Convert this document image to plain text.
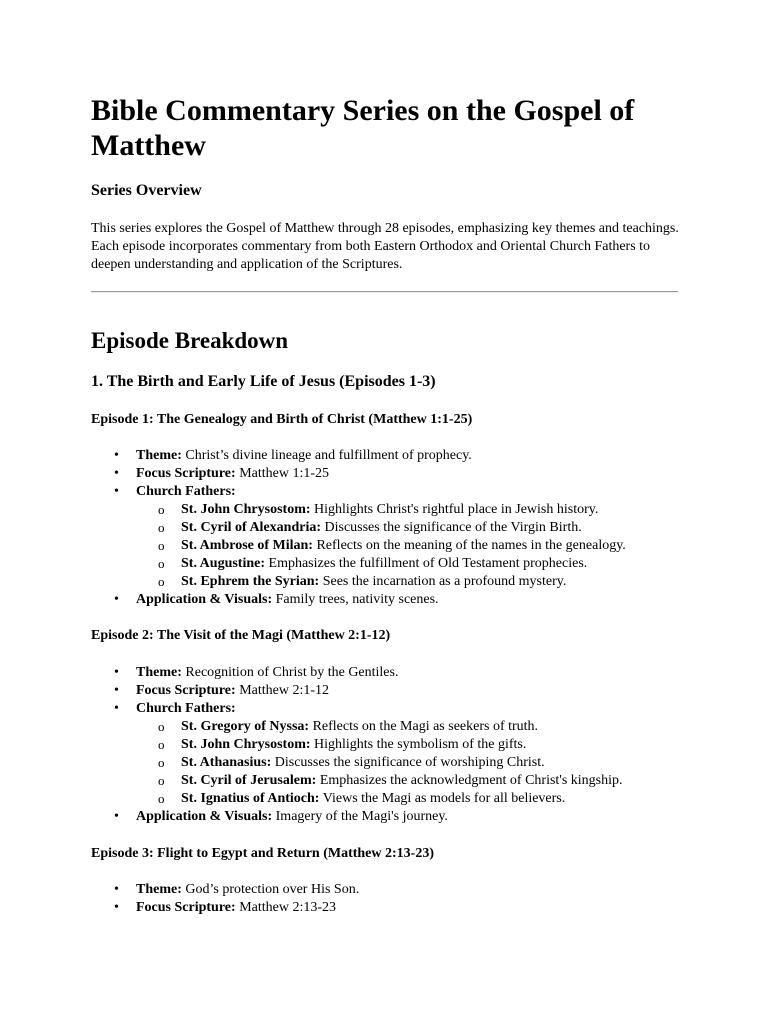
Bible Commentary Series on the Gospel of Matthew
Series Overview

This series explores the Gospel of Matthew through 28 episodes, emphasizing key themes and teachings. Each episode incorporates commentary from both Eastern Orthodox and Oriental Church Fathers to deepen understanding and application of the Scriptures.

Episode Breakdown
1. The Birth and Early Life of Jesus (Episodes 1-3)
Episode 1: The Genealogy and Birth of Christ (Matthew 1:1-25)
• Theme: Christ’s divine lineage and fulfillment of prophecy.
• Focus Scripture: Matthew 1:1-25
• Church Fathers:
o St. John Chrysostom: Highlights Christ's rightful place in Jewish history.
o St. Cyril of Alexandria: Discusses the significance of the Virgin Birth.
o St. Ambrose of Milan: Reflects on the meaning of the names in the genealogy.
o St. Augustine: Emphasizes the fulfillment of Old Testament prophecies.
o St. Ephrem the Syrian: Sees the incarnation as a profound mystery.
• Application & Visuals: Family trees, nativity scenes.
Episode 2: The Visit of the Magi (Matthew 2:1-12)
• Theme: Recognition of Christ by the Gentiles.
• Focus Scripture: Matthew 2:1-12
• Church Fathers:
o St. Gregory of Nyssa: Reflects on the Magi as seekers of truth.
o St. John Chrysostom: Highlights the symbolism of the gifts.
o St. Athanasius: Discusses the significance of worshiping Christ.
o St. Cyril of Jerusalem: Emphasizes the acknowledgment of Christ's kingship.
o St. Ignatius of Antioch: Views the Magi as models for all believers.
• Application & Visuals: Imagery of the Magi's journey.
Episode 3: Flight to Egypt and Return (Matthew 2:13-23)
• Theme: God’s protection over His Son.
• Focus Scripture: Matthew 2:13-23
